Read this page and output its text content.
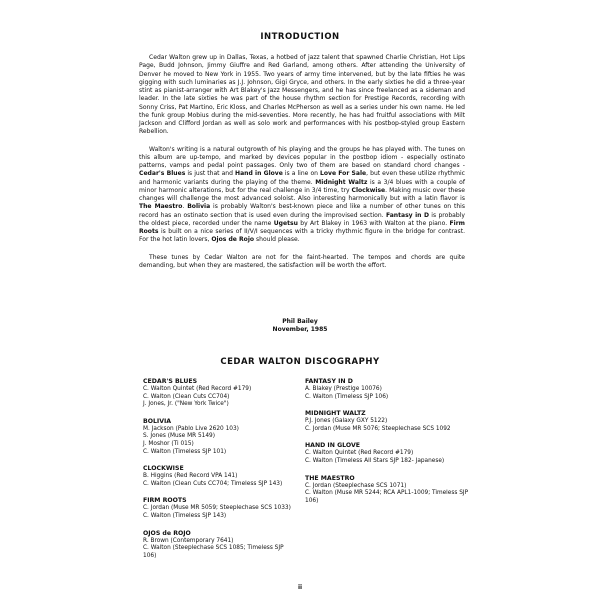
INTRODUCTION

Cedar Walton grew up in Dallas, Texas, a hotbed of jazz talent that spawned Charlie Christian, Hot Lips Page, Budd Johnson, Jimmy Giuffre and Red Garland, among others. After attending the University of Denver he moved to New York in 1955. Two years of army time intervened, but by the late fifties he was gigging with such luminaries as J.J. Johnson, Gigi Gryce, and others. In the early sixties he did a three-year stint as pianist-arranger with Art Blakey's Jazz Messengers, and he has since freelanced as a sideman and leader. In the late sixties he was part of the house rhythm section for Prestige Records, recording with Sonny Criss, Pat Martino, Eric Kloss, and Charles McPherson as well as a series under his own name. He led the funk group Mobius during the mid-seventies. More recently, he has had fruitful associations with Milt Jackson and Clifford Jordan as well as solo work and performances with his postbop-styled group Eastern Rebellion.

Walton's writing is a natural outgrowth of his playing and the groups he has played with. The tunes on this album are up-tempo, and marked by devices popular in the postbop idiom - especially ostinato patterns, vamps and pedal point passages. Only two of them are based on standard chord changes - Cedar's Blues is just that and Hand in Glove is a line on Love For Sale, but even these utilize rhythmic and harmonic variants during the playing of the theme. Midnight Waltz is a 3/4 blues with a couple of minor harmonic alterations, but for the real challenge in 3/4 time, try Clockwise. Making music over these changes will challenge the most advanced soloist. Also interesting harmonically but with a latin flavor is The Maestro. Bolivia is probably Walton's best-known piece and like a number of other tunes on this record has an ostinato section that is used even during the improvised section. Fantasy in D is probably the oldest piece, recorded under the name Ugetsu by Art Blakey in 1963 with Walton at the piano. Firm Roots is built on a nice series of II/V/I sequences with a tricky rhythmic figure in the bridge for contrast. For the hot latin lovers, Ojos de Rojo should please.

These tunes by Cedar Walton are not for the faint-hearted. The tempos and chords are quite demanding, but when they are mastered, the satisfaction will be worth the effort.

Phil Bailey
November, 1985
CEDAR WALTON DISCOGRAPHY
CEDAR'S BLUES
C. Walton Quintet (Red Record #179)
C. Walton (Clean Cuts CC704)
J. Jones, Jr. ("New York Twice")
BOLIVIA
M. Jackson (Pablo Live 2620 103)
S. Jones (Muse MR 5149)
J. Moshor (Ti 015)
C. Walton (Timeless SJP 101)
CLOCKWISE
B. Higgins (Red Record VPA 141)
C. Walton (Clean Cuts CC704; Timeless SJP 143)
FIRM ROOTS
C. Jordan (Muse MR 5059; Steeplechase SCS 1033)
C. Walton (Timeless SJP 143)
OJOS de ROJO
R. Brown (Contemporary 7641)
C. Walton (Steeplechase SCS 1085; Timeless SJP 106)
FANTASY IN D
A. Blakey (Prestige 10076)
C. Walton (Timeless SJP 106)
MIDNIGHT WALTZ
P.J. Jones (Galaxy GXY 5122)
C. Jordan (Muse MR 5076; Steeplechase SCS 1092
HAND IN GLOVE
C. Walton Quintet (Red Record #179)
C. Walton (Timeless All Stars SJP 182- Japanese)
THE MAESTRO
C. Jordan (Steeplechase SCS 1071)
C. Walton (Muse MR 5244; RCA APL1-1009; Timeless SJP 106)
ii
